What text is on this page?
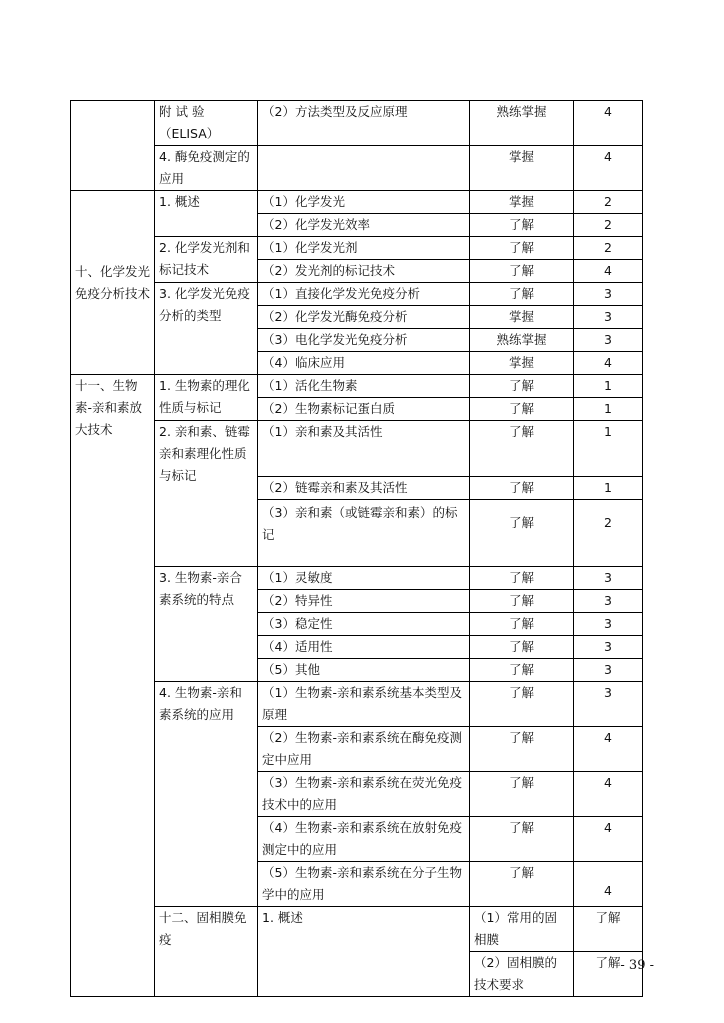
	附 试 验（ELISA）	（2）方法类型及反应原理	熟练掌握	4	
	4. 酶免疫测定的应用		掌握	4	
十、化学发光免疫分析技术	1. 概述	（1）化学发光	掌握	2	
		（2）化学发光效率	了解	2	
	2. 化学发光剂和标记技术	（1）化学发光剂	了解	2	
		（2）发光剂的标记技术	了解	4	
	3. 化学发光免疫分析的类型	（1）直接化学发光免疫分析	了解	3	
		（2）化学发光酶免疫分析	掌握	3	
		（3）电化学发光免疫分析	熟练掌握	3	
		（4）临床应用	掌握	4	
十一、生物素-亲和素放大技术	1. 生物素的理化性质与标记	（1）活化生物素	了解	1	
		（2）生物素标记蛋白质	了解	1	
	2. 亲和素、链霉亲和素理化性质与标记	（1）亲和素及其活性	了解	1	
		（2）链霉亲和素及其活性	了解	1	
		（3）亲和素（或链霉亲和素）的标记	了解	2	
	3. 生物素-亲合素系统的特点	（1）灵敏度	了解	3	
		（2）特异性	了解	3	
		（3）稳定性	了解	3	
		（4）适用性	了解	3	
		（5）其他	了解	3	
	4. 生物素-亲和素系统的应用	（1）生物素-亲和素系统基本类型及原理	了解	3	
		（2）生物素-亲和素系统在酶免疫测定中应用	了解	4	
		（3）生物素-亲和素系统在荧光免疫技术中的应用	了解	4	
		（4）生物素-亲和素系统在放射免疫测定中的应用	了解	4	
		（5）生物素-亲和素系统在分子生物学中的应用	了解	4	
	十二、固相膜免疫	1. 概述	（1）常用的固相膜	了解	
			（2）固相膜的技术要求	了解	- 39 -
